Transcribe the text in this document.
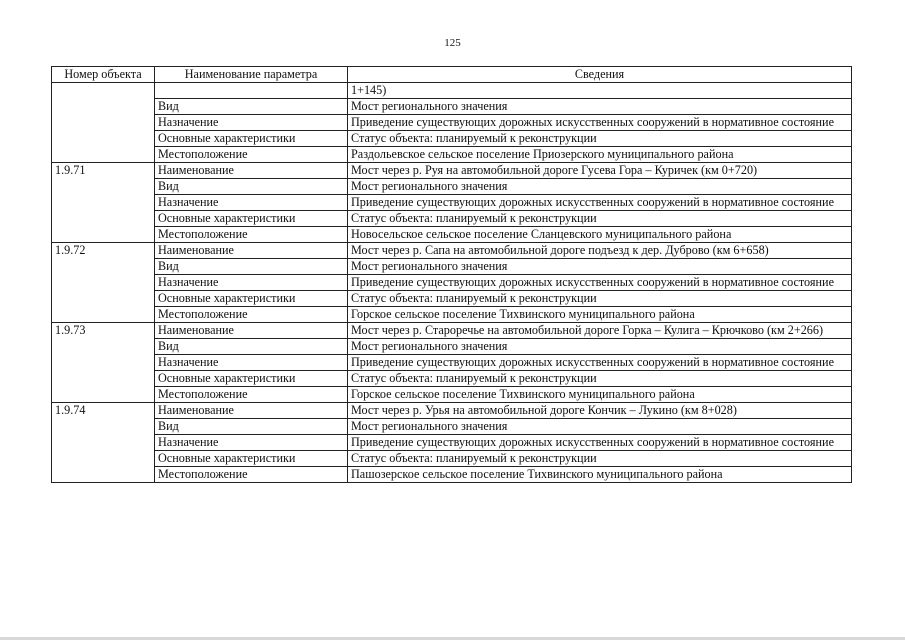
125
Номер объекта	Наименование параметра	Сведения
		1+145)
	Вид	Мост регионального значения
	Назначение	Приведение существующих дорожных искусственных сооружений в нормативное состояние
	Основные характеристики	Статус объекта: планируемый к реконструкции
	Местоположение	Раздольевское сельское поселение Приозерского муниципального района
1.9.71	Наименование	Мост через р. Руя на автомобильной дороге Гусева Гора – Куричек (км 0+720)
	Вид	Мост регионального значения
	Назначение	Приведение существующих дорожных искусственных сооружений в нормативное состояние
	Основные характеристики	Статус объекта: планируемый к реконструкции
	Местоположение	Новосельское сельское поселение Сланцевского муниципального района
1.9.72	Наименование	Мост через р. Сапа на автомобильной дороге подъезд к дер. Дуброво (км 6+658)
	Вид	Мост регионального значения
	Назначение	Приведение существующих дорожных искусственных сооружений в нормативное состояние
	Основные характеристики	Статус объекта: планируемый к реконструкции
	Местоположение	Горское сельское поселение Тихвинского муниципального района
1.9.73	Наименование	Мост через р. Староречье на автомобильной дороге Горка – Кулига – Крючково (км 2+266)
	Вид	Мост регионального значения
	Назначение	Приведение существующих дорожных искусственных сооружений в нормативное состояние
	Основные характеристики	Статус объекта: планируемый к реконструкции
	Местоположение	Горское сельское поселение Тихвинского муниципального района
1.9.74	Наименование	Мост через р. Урья на автомобильной дороге Кончик – Лукино (км 8+028)
	Вид	Мост регионального значения
	Назначение	Приведение существующих дорожных искусственных сооружений в нормативное состояние
	Основные характеристики	Статус объекта: планируемый к реконструкции
	Местоположение	Пашозерское сельское поселение Тихвинского муниципального района
